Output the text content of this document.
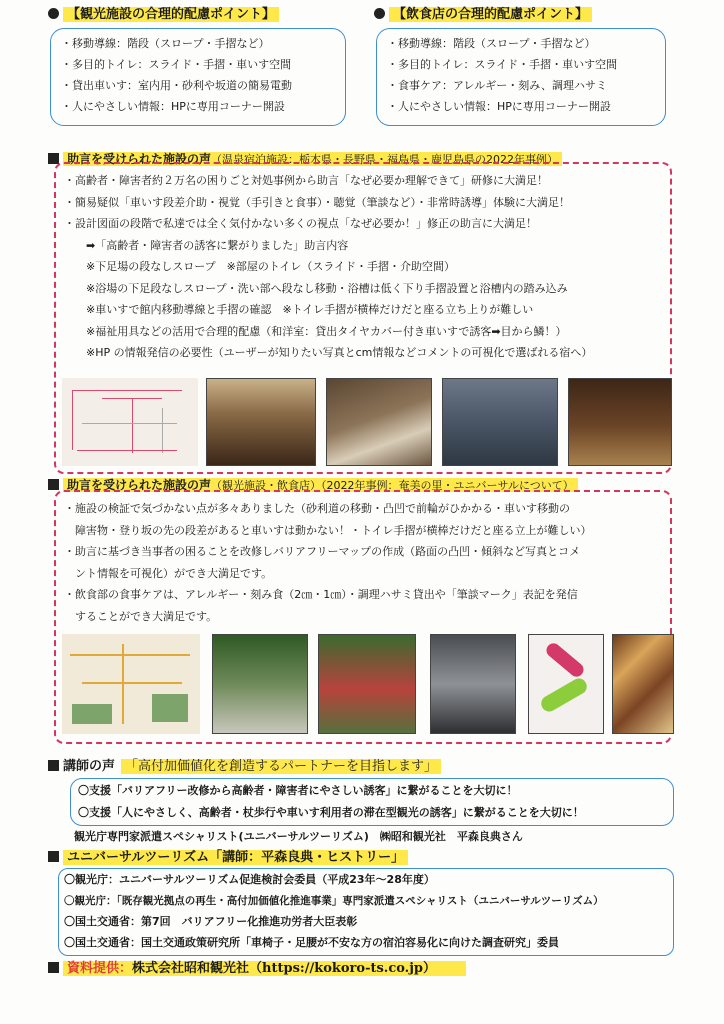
【観光施設の合理的配慮ポイント】
・移動導線：階段（スロープ・手摺など）
・多目的トイレ：スライド・手摺・車いす空間
・貸出車いす：室内用・砂利や坂道の簡易電動
・人にやさしい情報：HPに専用コーナー開設
【飲食店の合理的配慮ポイント】
・移動導線：階段（スロープ・手摺など）
・多目的トイレ：スライド・手摺・車いす空間
・食事ケア：アレルギー・刻み、調理ハサミ
・人にやさしい情報：HPに専用コーナー開設
助言を受けられた施設の声（温泉宿泊施設：栃木県・長野県・福島県・鹿児島県の2022年事例）
・高齢者・障害者約２万名の困りごと対処事例から助言「なぜ必要か理解できて」研修に大満足！
・簡易疑似「車いす段差介助・視覚（手引きと食事）・聴覚（筆談など）・非常時誘導」体験に大満足！
・設計図面の段階で私達では全く気付かない多くの視点「なぜ必要か！」修正の助言に大満足！
　　➡「高齢者・障害者の誘客に繋がりました」助言内容
　　※下足場の段なしスロープ　※部屋のトイレ（スライド・手摺・介助空間）
　　※浴場の下足段なしスロープ・洗い部へ段なし移動・浴槽は低く下り手摺設置と浴槽内の踏み込み
　　※車いすで館内移動導線と手摺の確認　※トイレ手摺が横棒だけだと座る立ち上りが難しい
　　※福祉用具などの活用で合理的配慮（和洋室：貸出タイヤカバー付き車いすで誘客➡目から鱗！）
　　※HP の情報発信の必要性（ユーザーが知りたい写真とcm情報などコメントの可視化で選ばれる宿へ）
助言を受けられた施設の声（観光施設・飲食店）（2022年事例：奄美の里・ユニバーサルについて）
・施設の検証で気づかない点が多々ありました（砂利道の移動・凸凹で前輪がひかかる・車いす移動の
　障害物・登り坂の先の段差があると車いすは動かない！・トイレ手摺が横棒だけだと座る立上が難しい）
・助言に基づき当事者の困ることを改修しバリアフリーマップの作成（路面の凸凹・傾斜など写真とコメ
　ント情報を可視化）ができ大満足です。
・飲食部の食事ケアは、アレルギー・刻み食（2㎝・1㎝）・調理ハサミ貸出や「筆談マーク」表記を発信
　することができ大満足です。
講師の声 「高付加価値化を創造するパートナーを目指します」
〇支援「バリアフリー改修から高齢者・障害者にやさしい誘客」に繋がることを大切に！
〇支援「人にやさしく、高齢者・杖歩行や車いす利用者の滞在型観光の誘客」に繋がることを大切に！
観光庁専門家派遣スペシャリスト(ユニバーサルツーリズム)　㈱昭和観光社　平森良典さん
ユニバーサルツーリズム「講師：平森良典・ヒストリー」
〇観光庁：ユニバーサルツーリズム促進検討会委員（平成23年～28年度）
〇観光庁：「既存観光拠点の再生・高付加価値化推進事業」専門家派遣スペシャリスト（ユニバーサルツーリズム）
〇国土交通省：第7回　バリアフリー化推進功労者大臣表彰
〇国土交通省：国土交通政策研究所「車椅子・足腰が不安な方の宿泊容易化に向けた調査研究」委員
資料提供：株式会社昭和観光社（https://kokoro-ts.co.jp）
